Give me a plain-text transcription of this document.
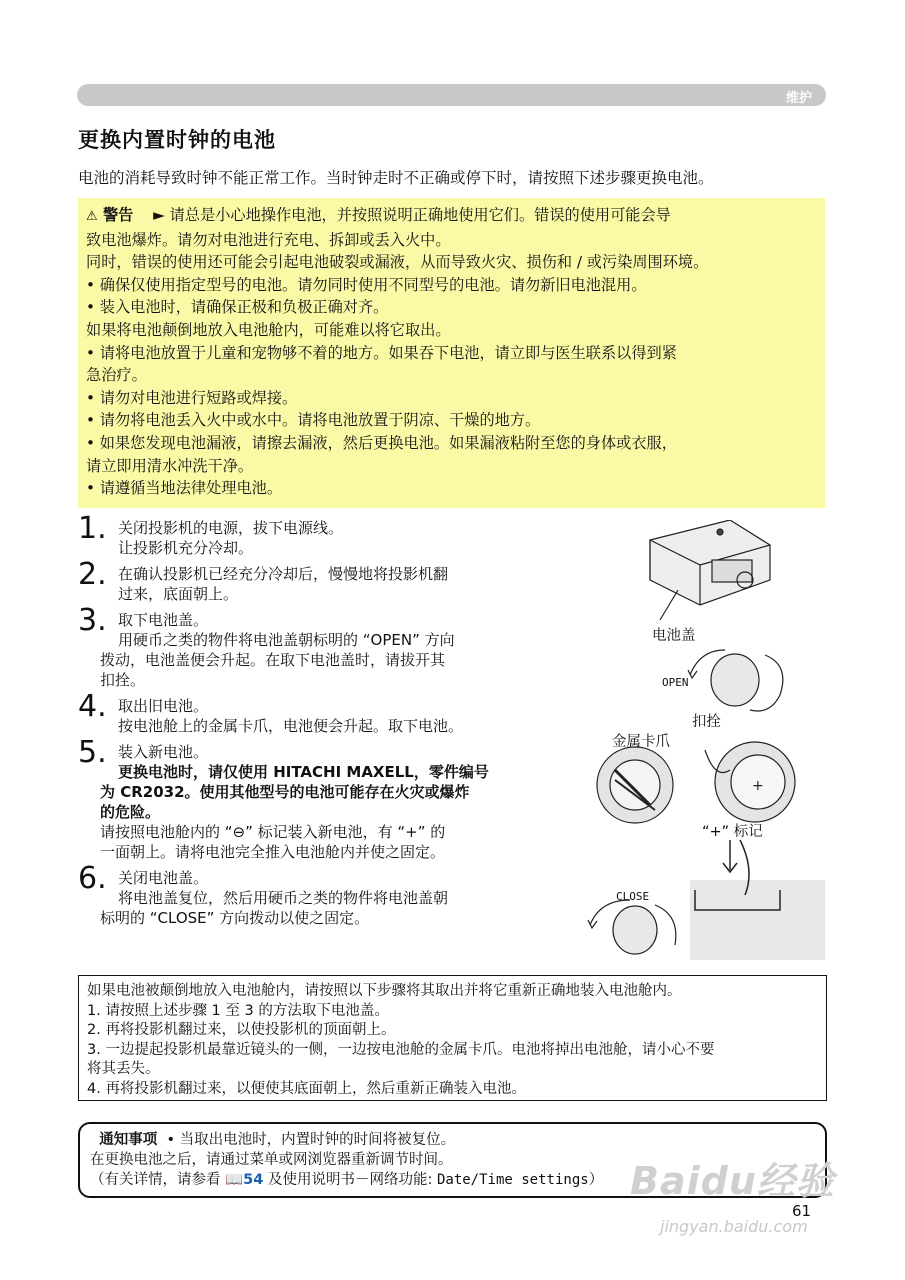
维护
更换内置时钟的电池
电池的消耗导致时钟不能正常工作。当时钟走时不正确或停下时，请按照下述步骤更换电池。

⚠ 警告 ► 请总是小心地操作电池，并按照说明正确地使用它们。错误的使用可能会导

致电池爆炸。请勿对电池进行充电、拆卸或丢入火中。

同时，错误的使用还可能会引起电池破裂或漏液，从而导致火灾、损伤和 / 或污染周围环境。

• 确保仅使用指定型号的电池。请勿同时使用不同型号的电池。请勿新旧电池混用。

• 装入电池时，请确保正极和负极正确对齐。

如果将电池颠倒地放入电池舱内，可能难以将它取出。

• 请将电池放置于儿童和宠物够不着的地方。如果吞下电池，请立即与医生联系以得到紧

急治疗。

• 请勿对电池进行短路或焊接。

• 请勿将电池丢入火中或水中。请将电池放置于阴凉、干燥的地方。

• 如果您发现电池漏液，请擦去漏液，然后更换电池。如果漏液粘附至您的身体或衣服，

请立即用清水冲洗干净。

• 请遵循当地法律处理电池。

1. 关闭投影机的电源，拔下电源线。
让投影机充分冷却。
2. 在确认投影机已经充分冷却后，慢慢地将投影机翻
过来，底面朝上。
3. 取下电池盖。
用硬币之类的物件将电池盖朝标明的 “OPEN” 方向
拨动，电池盖便会升起。在取下电池盖时，请拔开其
扣拴。
4. 取出旧电池。
按电池舱上的金属卡爪，电池便会升起。取下电池。
5. 装入新电池。
更换电池时，请仅使用 HITACHI MAXELL，零件编号
为 CR2032。使用其他型号的电池可能存在火灾或爆炸
的危险。
请按照电池舱内的 “⊖” 标记装入新电池，有 “+” 的
一面朝上。请将电池完全推入电池舱内并使之固定。
6. 关闭电池盖。
将电池盖复位，然后用硬币之类的物件将电池盖朝
标明的 “CLOSE” 方向拨动以使之固定。
+
电池盖
OPEN
扣拴
金属卡爪
“+” 标记
CLOSE

如果电池被颠倒地放入电池舱内，请按照以下步骤将其取出并将它重新正确地装入电池舱内。

1. 请按照上述步骤 1 至 3 的方法取下电池盖。

2. 再将投影机翻过来，以使投影机的顶面朝上。

3. 一边提起投影机最靠近镜头的一侧，一边按电池舱的金属卡爪。电池将掉出电池舱，请小心不要

将其丢失。

4. 再将投影机翻过来，以便使其底面朝上，然后重新正确装入电池。

通知事项 • 当取出电池时，内置时钟的时间将被复位。

在更换电池之后，请通过菜单或网浏览器重新调节时间。

（有关详情，请参看 📖54 及使用说明书－网络功能: Date/Time settings） Baidu经验
61
jingyan.baidu.com
